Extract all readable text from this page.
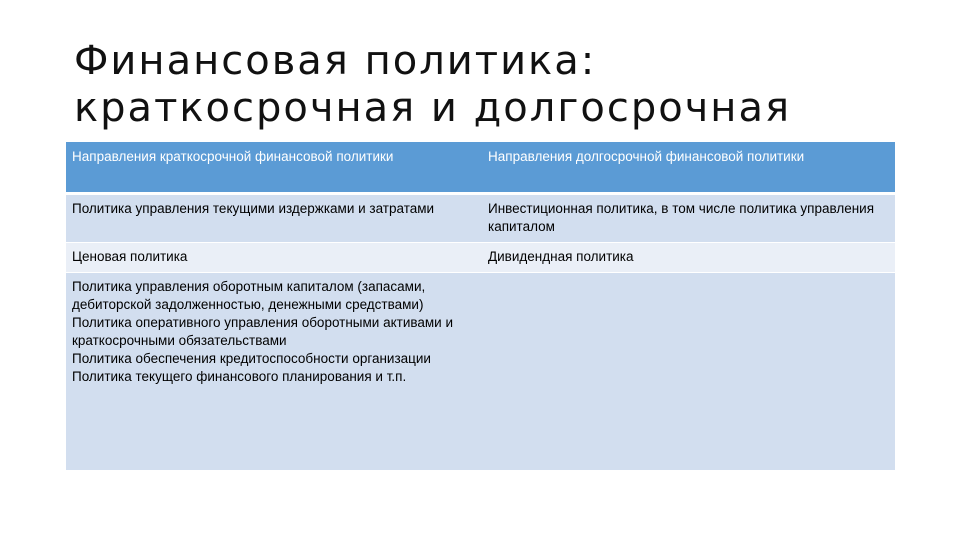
Финансовая политика:
краткосрочная и долгосрочная
Направления краткосрочной финансовой политики	Направления долгосрочной финансовой политики

Политика управления текущими издержками и затратами	Инвестиционная политика, в том числе политика управления капиталом

Ценовая политика	Дивидендная политика

Политика управления оборотным капиталом (запасами, дебиторской задолженностью, денежными средствами)
Политика оперативного управления оборотными активами и краткосрочными обязательствами
Политика обеспечения кредитоспособности организации
Политика текущего финансового планирования и т.п.	
